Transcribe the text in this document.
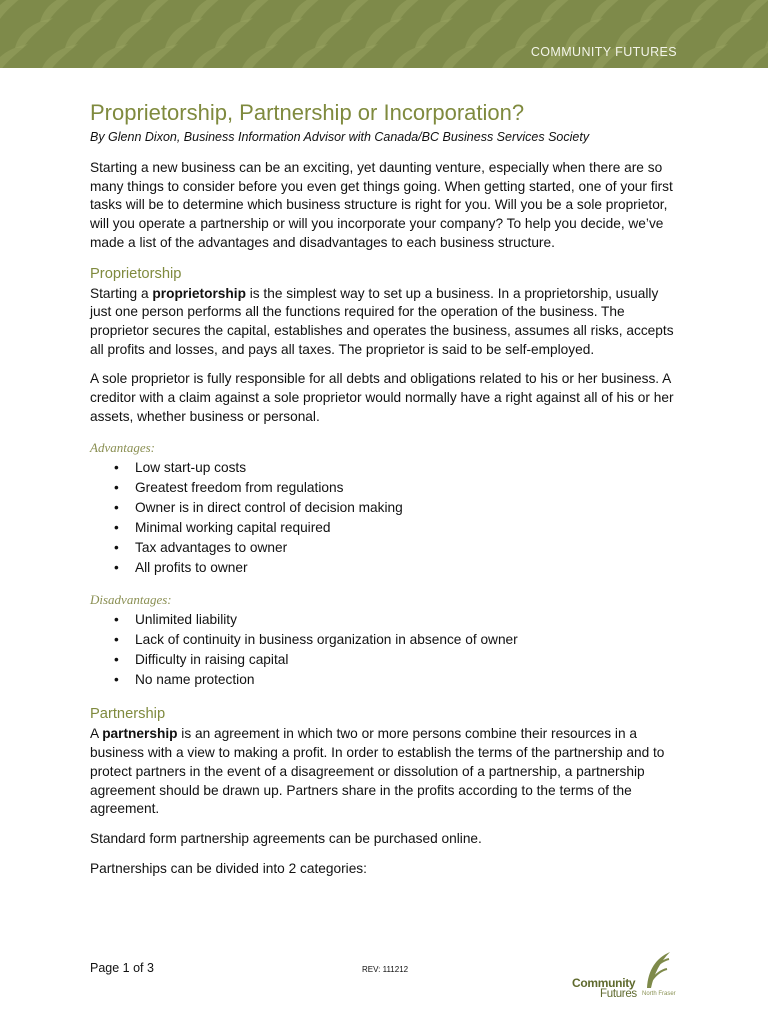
COMMUNITY FUTURES
Proprietorship, Partnership or Incorporation?

By Glenn Dixon, Business Information Advisor with Canada/BC Business Services Society

Starting a new business can be an exciting, yet daunting venture, especially when there are so many things to consider before you even get things going. When getting started, one of your first tasks will be to determine which business structure is right for you. Will you be a sole proprietor, will you operate a partnership or will you incorporate your company? To help you decide, we’ve made a list of the advantages and disadvantages to each business structure.

Proprietorship

Starting a proprietorship is the simplest way to set up a business. In a proprietorship, usually just one person performs all the functions required for the operation of the business. The proprietor secures the capital, establishes and operates the business, assumes all risks, accepts all profits and losses, and pays all taxes. The proprietor is said to be self-employed.

A sole proprietor is fully responsible for all debts and obligations related to his or her business. A creditor with a claim against a sole proprietor would normally have a right against all of his or her assets, whether business or personal.

Advantages:
• Low start-up costs
• Greatest freedom from regulations
• Owner is in direct control of decision making
• Minimal working capital required
• Tax advantages to owner
• All profits to owner
Disadvantages:
• Unlimited liability
• Lack of continuity in business organization in absence of owner
• Difficulty in raising capital
• No name protection
Partnership

A partnership is an agreement in which two or more persons combine their resources in a business with a view to making a profit. In order to establish the terms of the partnership and to protect partners in the event of a disagreement or dissolution of a partnership, a partnership agreement should be drawn up. Partners share in the profits according to the terms of the agreement.

Standard form partnership agreements can be purchased online.

Partnerships can be divided into 2 categories:

Page 1 of 3	REV: 111212
Community
Futures North Fraser
